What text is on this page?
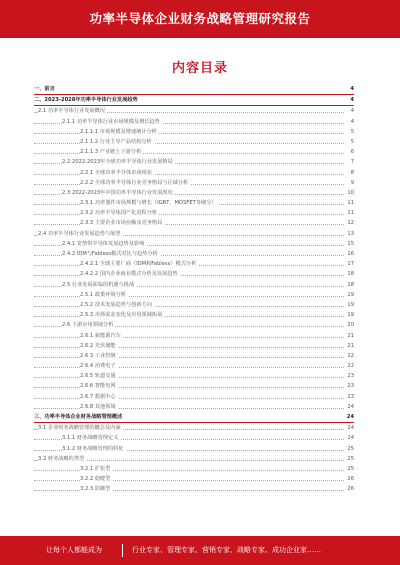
功率半导体企业财务战略管理研究报告
内容目录
一、前言	4
二、2023-2028年功率半导体行业发展趋势	4
2.1 功率半导体行业发展概况	4
2.1.1 功率半导体行业市场规模及增长趋势	4
2.1.1.1 市场规模及增速统计分析	5
2.1.1.2 行业主导产品结构分析	5
2.1.1.3 产业链上下游分析	6
2.2 2022-2023年全球功率半导体行业发展格局	7
2.2.1 全球功率半导体市场现状	8
2.2.2 全球功率半导体行业竞争格局与区域分析	9
2.3 2022-2023年中国功率半导体行业发展现状	10
2.3.1 功率器件市场规模与增长（IGBT、MOSFET等细分）	11
2.3.2 功率半导体国产化进程分析	11
2.3.3 主要企业市场份额及竞争格局	12
2.4 功率半导体行业发展趋势与展望	13
2.4.1 宽禁带半导体发展趋势及影响	15
2.4.2 IDM与Fabless模式对比与趋势分析	16
2.4.2.1 全球主要厂商（IDM和Fabless）模式分析	17
2.4.2.2 国内企业商业模式分析及发展趋势	18
2.5 行业发展面临的机遇与挑战	18
2.5.1 政策环境分析	19
2.5.2 技术发展趋势与创新方向	19
2.5.3 市场需求变化及应用领域拓展	19
2.6 下游应用领域分析	20
2.6.1 新能源汽车	21
2.6.2 光伏储能	21
2.6.3 工业控制	22
2.6.4 消费电子	22
2.6.5 轨道交通	23
2.6.6 智能电网	23
2.6.7 数据中心	23
2.6.8 其他领域	24
三、功率半导体企业财务战略管理概述	24
3.1 企业财务战略管理的概念及内涵	24
3.1.1 财务战略管理定义	24
3.1.2 财务战略管理的特征	25
3.2 财务战略的类型	25
3.2.1 扩张型	25
3.2.2 稳健型	26
3.2.3 防御型	26
让每个人都能成为	行业专家、管理专家、营销专家、战略专家、成功企业家……
